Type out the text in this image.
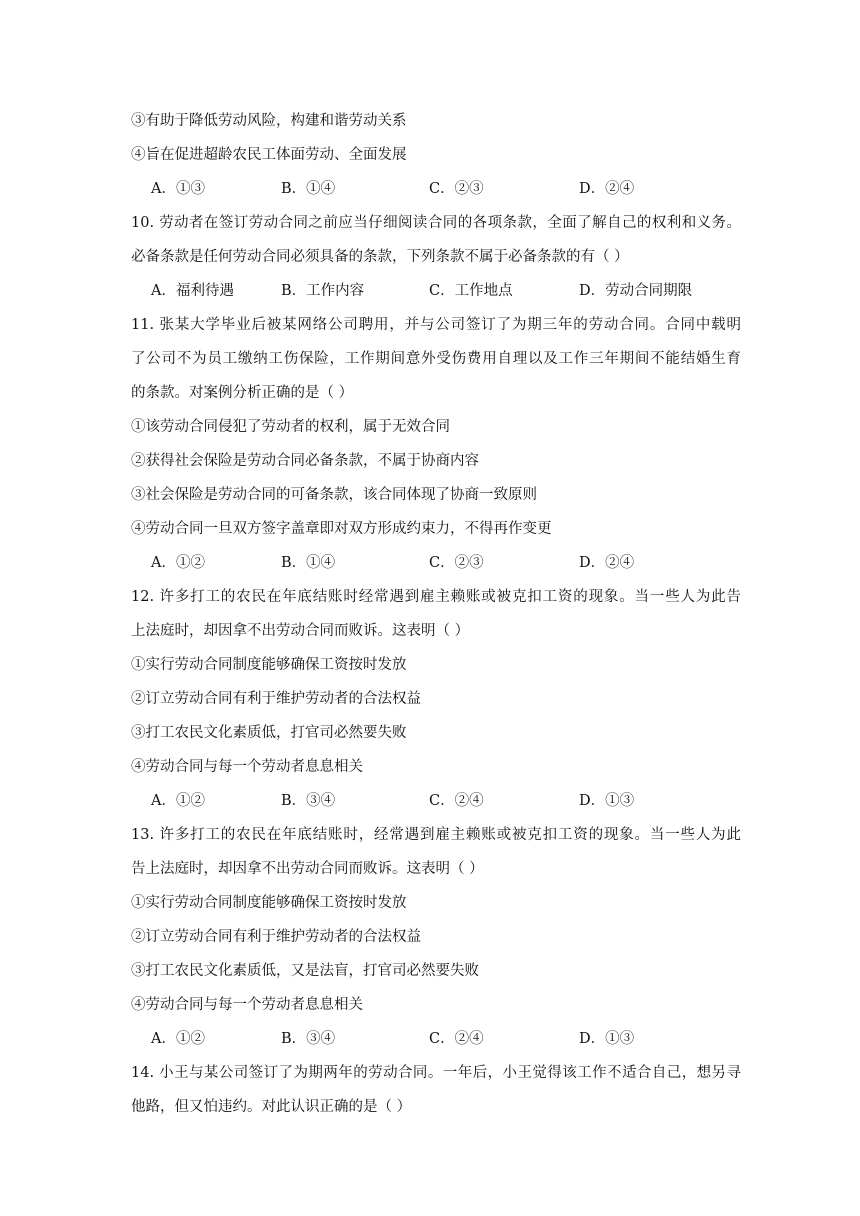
③有助于降低劳动风险，构建和谐劳动关系
④旨在促进超龄农民工体面劳动、全面发展
A．①③	B．①④	C．②③	D．②④
10. 劳动者在签订劳动合同之前应当仔细阅读合同的各项条款，全面了解自己的权利和义务。
必备条款是任何劳动合同必须具备的条款，下列条款不属于必备条款的有（ ）
A．福利待遇	B．工作内容	C．工作地点	D．劳动合同期限
11. 张某大学毕业后被某网络公司聘用，并与公司签订了为期三年的劳动合同。合同中载明
了公司不为员工缴纳工伤保险，工作期间意外受伤费用自理以及工作三年期间不能结婚生育
的条款。对案例分析正确的是（ ）
①该劳动合同侵犯了劳动者的权利，属于无效合同
②获得社会保险是劳动合同必备条款，不属于协商内容
③社会保险是劳动合同的可备条款，该合同体现了协商一致原则
④劳动合同一旦双方签字盖章即对双方形成约束力，不得再作变更
A．①②	B．①④	C．②③	D．②④
12. 许多打工的农民在年底结账时经常遇到雇主赖账或被克扣工资的现象。当一些人为此告
上法庭时，却因拿不出劳动合同而败诉。这表明（ ）
①实行劳动合同制度能够确保工资按时发放
②订立劳动合同有利于维护劳动者的合法权益
③打工农民文化素质低，打官司必然要失败
④劳动合同与每一个劳动者息息相关
A．①②	B．③④	C．②④	D．①③
13. 许多打工的农民在年底结账时，经常遇到雇主赖账或被克扣工资的现象。当一些人为此
告上法庭时，却因拿不出劳动合同而败诉。这表明（ ）
①实行劳动合同制度能够确保工资按时发放
②订立劳动合同有利于维护劳动者的合法权益
③打工农民文化素质低，又是法盲，打官司必然要失败
④劳动合同与每一个劳动者息息相关
A．①②	B．③④	C．②④	D．①③
14. 小王与某公司签订了为期两年的劳动合同。一年后，小王觉得该工作不适合自己，想另寻
他路，但又怕违约。对此认识正确的是（ ）
